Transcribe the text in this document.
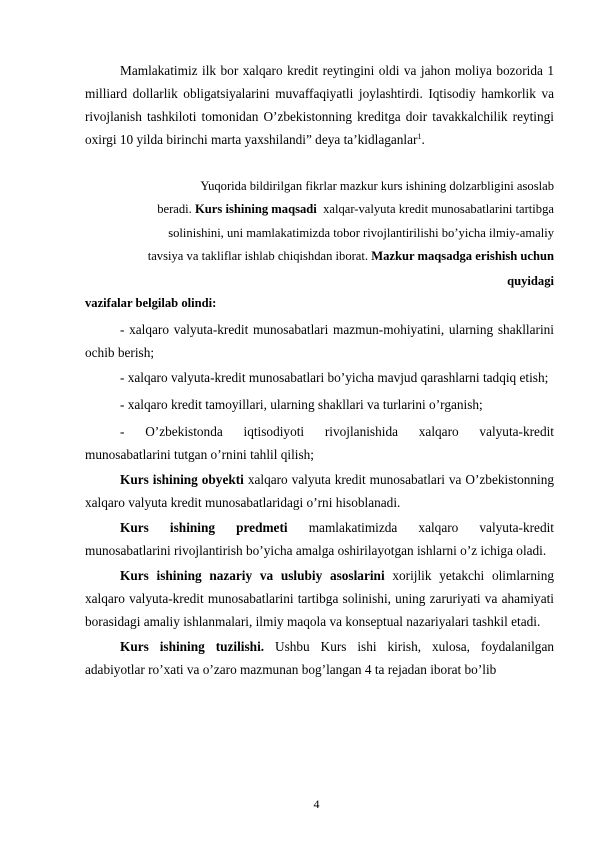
Mamlakatimiz ilk bor xalqaro kredit reytingini oldi va jahon moliya bozorida 1 milliard dollarlik obligatsiyalarini muvaffaqiyatli joylashtirdi. Iqtisodiy hamkorlik va rivojlanish tashkiloti tomonidan O’zbekistonning kreditga doir tavakkalchilik reytingi oxirgi 10 yilda birinchi marta yaxshilandi” deya ta’kidlaganlar$^1$.

Yuqorida bildirilgan fikrlar mazkur kurs ishining dolzarbligini asoslab
beradi. Kurs ishining maqsadi xalqar-valyuta kredit munosabatlarini tartibga
solinishini, uni mamlakatimizda tobor rivojlantirilishi bo’yicha ilmiy-amaliy
tavsiya va takliflar ishlab chiqishdan iborat. Mazkur maqsadga erishish uchun
quyidagi
vazifalar belgilab olindi:

- xalqaro valyuta-kredit munosabatlari mazmun-mohiyatini, ularning shakllarini ochib berish;

- xalqaro valyuta-kredit munosabatlari bo’yicha mavjud qarashlarni tadqiq etish;

- xalqaro kredit tamoyillari, ularning shakllari va turlarini o’rganish;

- O’zbekistonda iqtisodiyoti rivojlanishida xalqaro valyuta-kredit munosabatlarini tutgan o’rnini tahlil qilish;

Kurs ishining obyekti xalqaro valyuta kredit munosabatlari va O’zbekistonning xalqaro valyuta kredit munosabatlaridagi o’rni hisoblanadi.

Kurs ishining predmeti mamlakatimizda xalqaro valyuta-kredit munosabatlarini rivojlantirish bo’yicha amalga oshirilayotgan ishlarni o’z ichiga oladi.

Kurs ishining nazariy va uslubiy asoslarini xorijlik yetakchi olimlarning xalqaro valyuta-kredit munosabatlarini tartibga solinishi, uning zaruriyati va ahamiyati borasidagi amaliy ishlanmalari, ilmiy maqola va konseptual nazariyalari tashkil etadi.

Kurs ishining tuzilishi. Ushbu Kurs ishi kirish, xulosa, foydalanilgan adabiyotlar ro’xati va o’zaro mazmunan bog’langan 4 ta rejadan iborat bo’lib

4
